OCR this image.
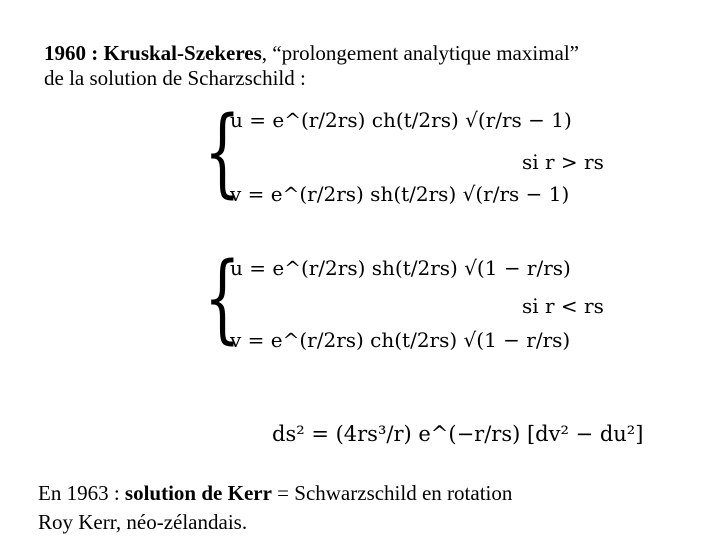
1960 : Kruskal-Szekeres, “prolongement analytique maximal”
de la solution de Scharzschild :
{
u = e^(r/2rs) ch(t/2rs) √(r/rs − 1)
v = e^(r/2rs) sh(t/2rs) √(r/rs − 1)
si r > rs
{
u = e^(r/2rs) sh(t/2rs) √(1 − r/rs)
v = e^(r/2rs) ch(t/2rs) √(1 − r/rs)
si r < rs
ds² = (4rs³/r) e^(−r/rs) [dv² − du²]
En 1963 : solution de Kerr = Schwarzschild en rotation
Roy Kerr, néo-zélandais.
